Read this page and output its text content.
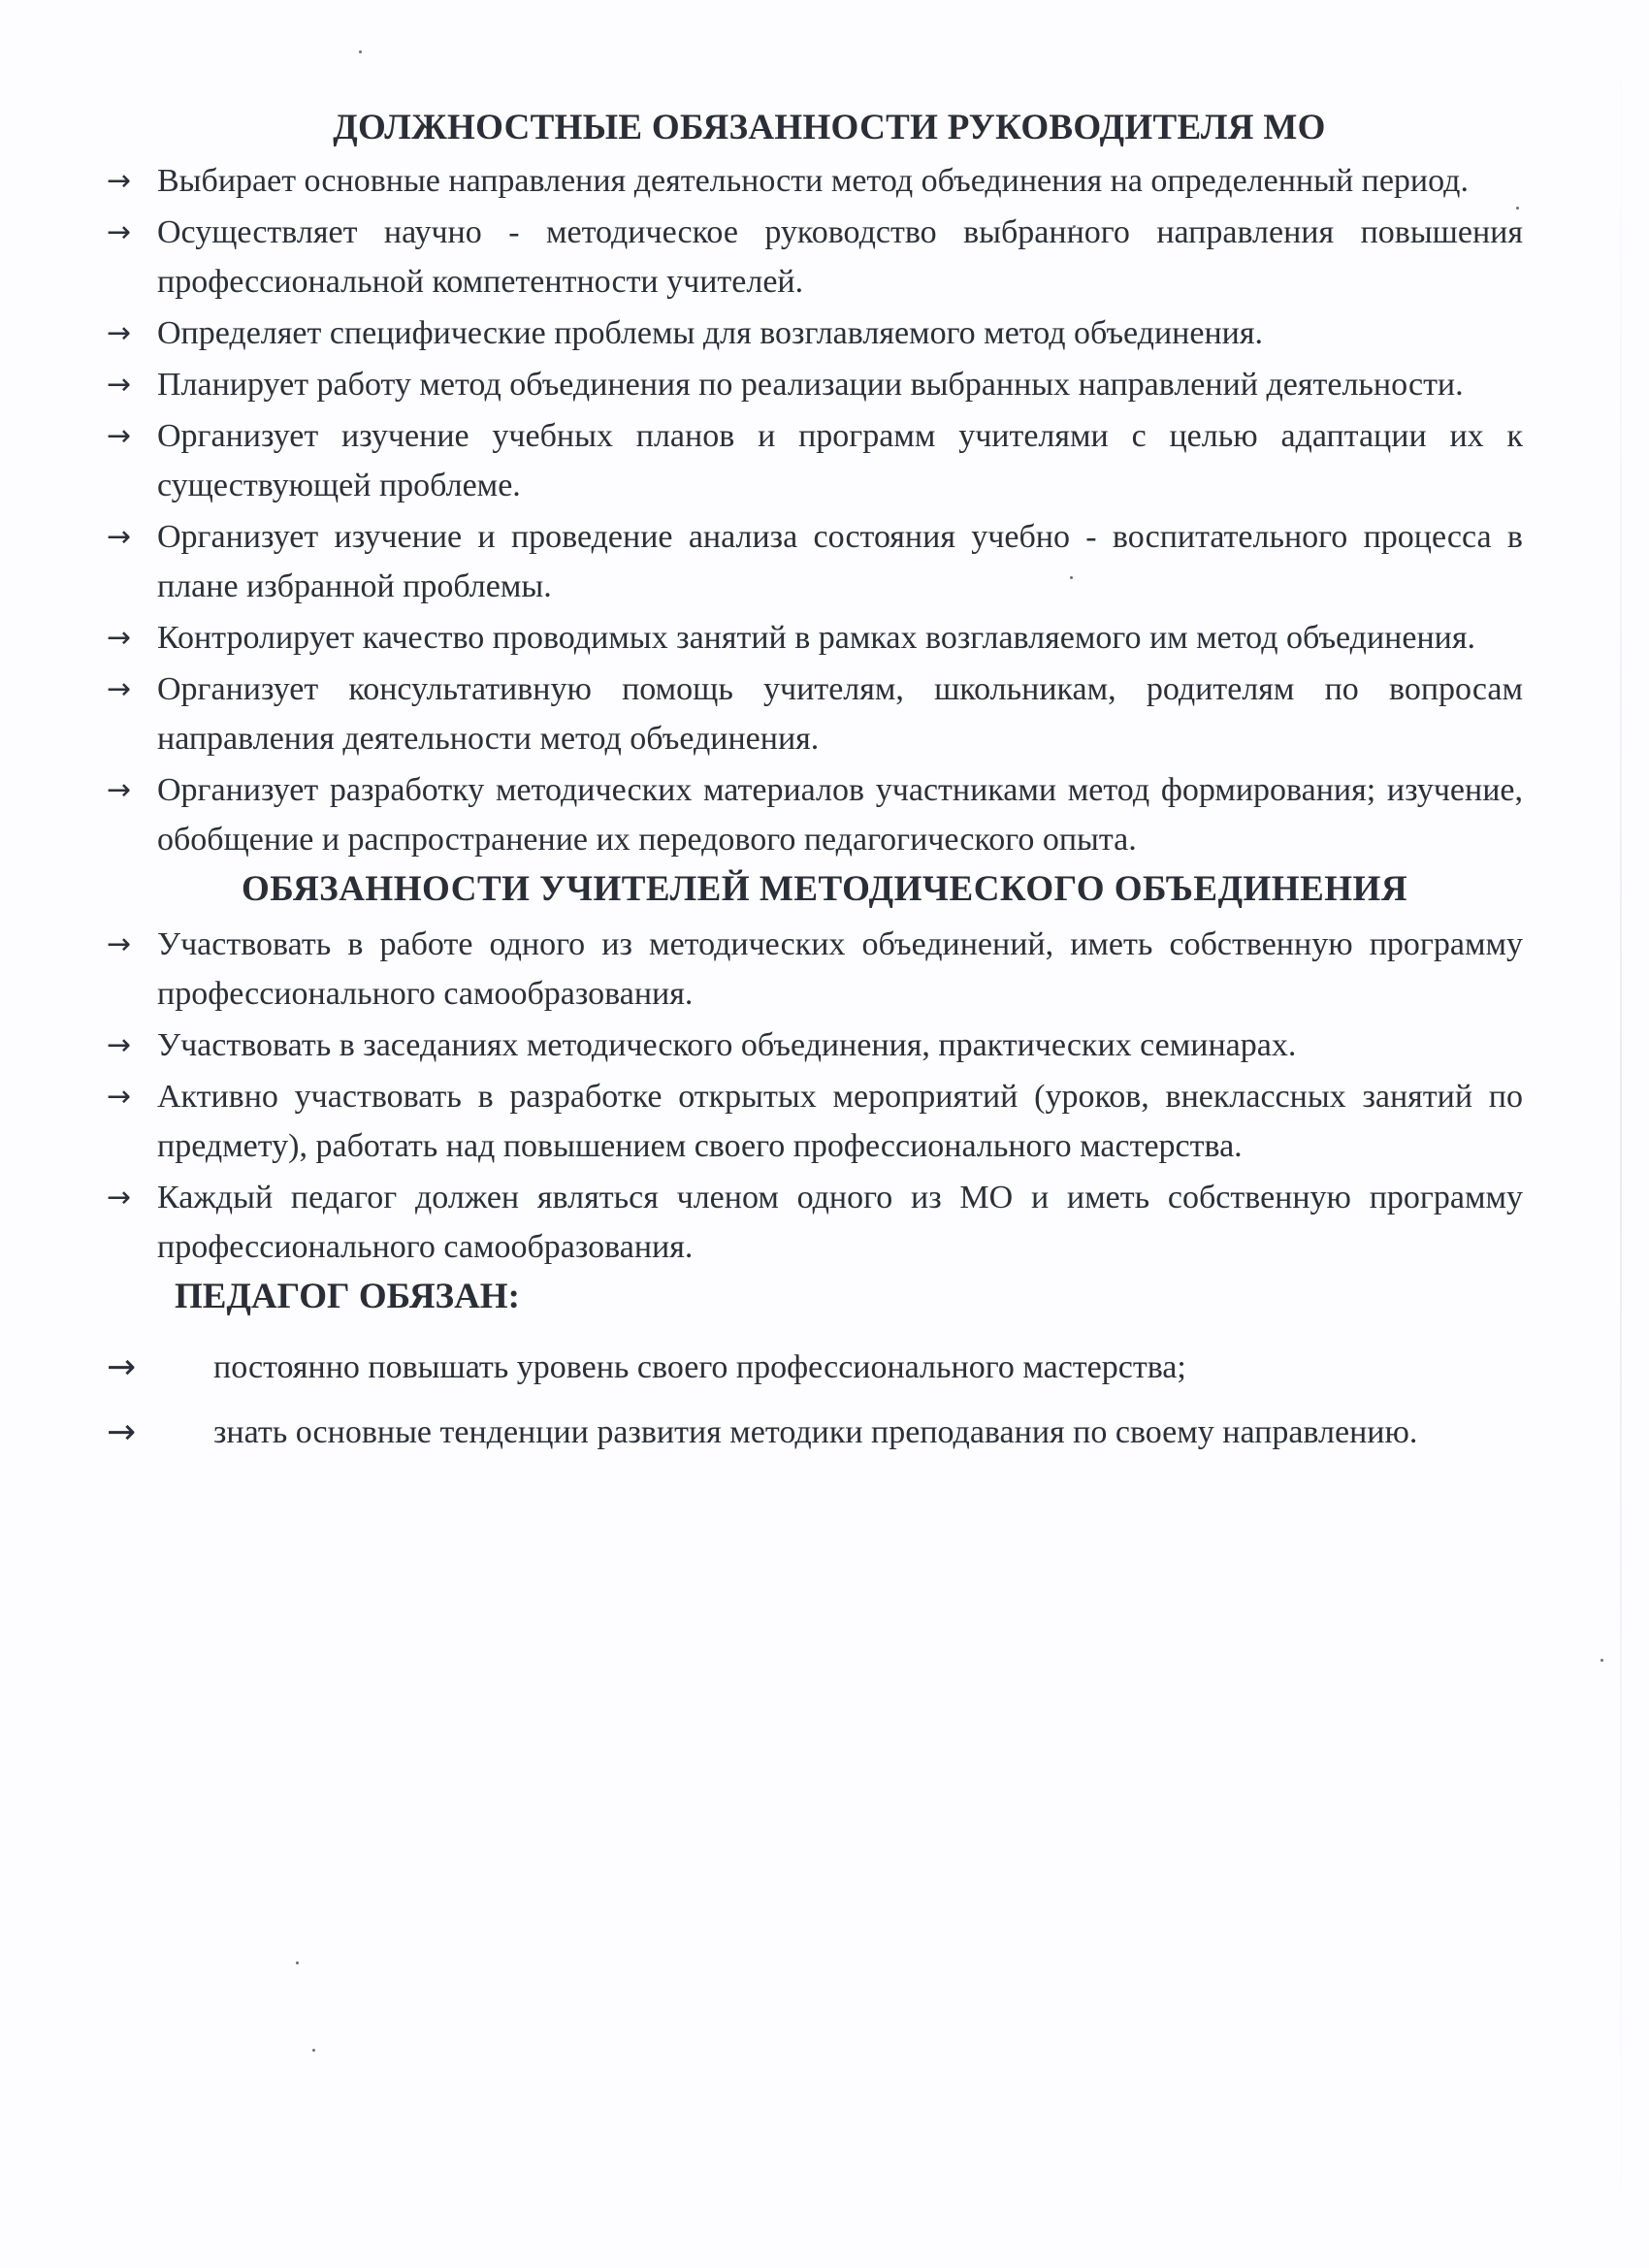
ДОЛЖНОСТНЫЕ ОБЯЗАННОСТИ РУКОВОДИТЕЛЯ МО
→ Выбирает основные направления деятельности метод объединения на определенный период.
→ Осуществляет научно - методическое руководство выбранного направления повышения профессиональной компетентности учителей.
→ Определяет специфические проблемы для возглавляемого метод объединения.
→ Планирует работу метод объединения по реализации выбранных направлений деятельности.
→ Организует изучение учебных планов и программ учителями с целью адаптации их к существующей проблеме.
→ Организует изучение и проведение анализа состояния учебно - воспитательного процесса в плане избранной проблемы.
→ Контролирует качество проводимых занятий в рамках возглавляемого им метод объединения.
→ Организует консультативную помощь учителям, школьникам, родителям по вопросам направления деятельности метод объединения.
→ Организует разработку методических материалов участниками метод формирования; изучение, обобщение и распространение их передового педагогического опыта.
ОБЯЗАННОСТИ УЧИТЕЛЕЙ МЕТОДИЧЕСКОГО ОБЪЕДИНЕНИЯ
→ Участвовать в работе одного из методических объединений, иметь собственную программу профессионального самообразования.
→ Участвовать в заседаниях методического объединения, практических семинарах.
→ Активно участвовать в разработке открытых мероприятий (уроков, внеклассных занятий по предмету), работать над повышением своего профессионального мастерства.
→ Каждый педагог должен являться членом одного из МО и иметь собственную программу профессионального самообразования.
ПЕДАГОГ ОБЯЗАН:
→	постоянно повышать уровень своего профессионального мастерства;
→	знать основные тенденции развития методики преподавания по своему направлению.
